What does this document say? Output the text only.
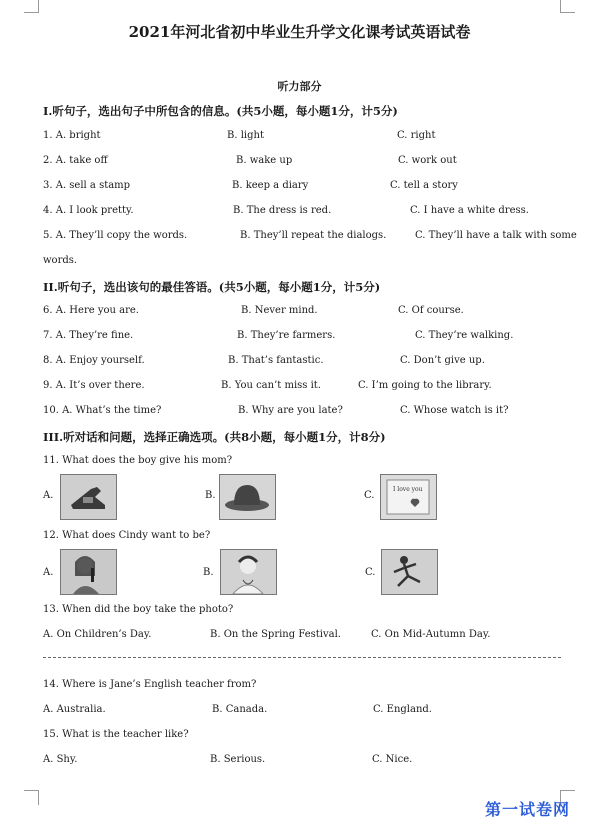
2021年河北省初中毕业生升学文化课考试英语试卷
听力部分
I.听句子，选出句子中所包含的信息。(共5小题，每小题1分，计5分)
1. A. bright	B. light	C. right
2. A. take off	B. wake up	C. work out
3. A. sell a stamp	B. keep a diary	C. tell a story
4. A. I look pretty.	B. The dress is red.	C. I have a white dress.
5. A. They’ll copy the words.	B. They’ll repeat the dialogs.	C. They’ll have a talk with some
words.
II.听句子，选出该句的最佳答语。(共5小题，每小题1分，计5分)
6. A. Here you are.	B. Never mind.	C. Of course.
7. A. They’re fine.	B. They’re farmers.	C. They’re walking.
8. A. Enjoy yourself.	B. That’s fantastic.	C. Don’t give up.
9. A. It’s over there.	B. You can’t miss it.	C. I’m going to the library.
10. A. What’s the time?	B. Why are you late?	C. Whose watch is it?
III.听对话和问题，选择正确选项。(共8小题，每小题1分，计8分)
11. What does the boy give his mom?
A.	B.	C.
I love you
12. What does Cindy want to be?
A.	B.	C.
13. When did the boy take the photo?
A. On Children’s Day.	B. On the Spring Festival.	C. On Mid-Autumn Day.
14. Where is Jane’s English teacher from?
A. Australia.	B. Canada.	C. England.
15. What is the teacher like?
A. Shy.	B. Serious.	C. Nice.
第一试卷网
